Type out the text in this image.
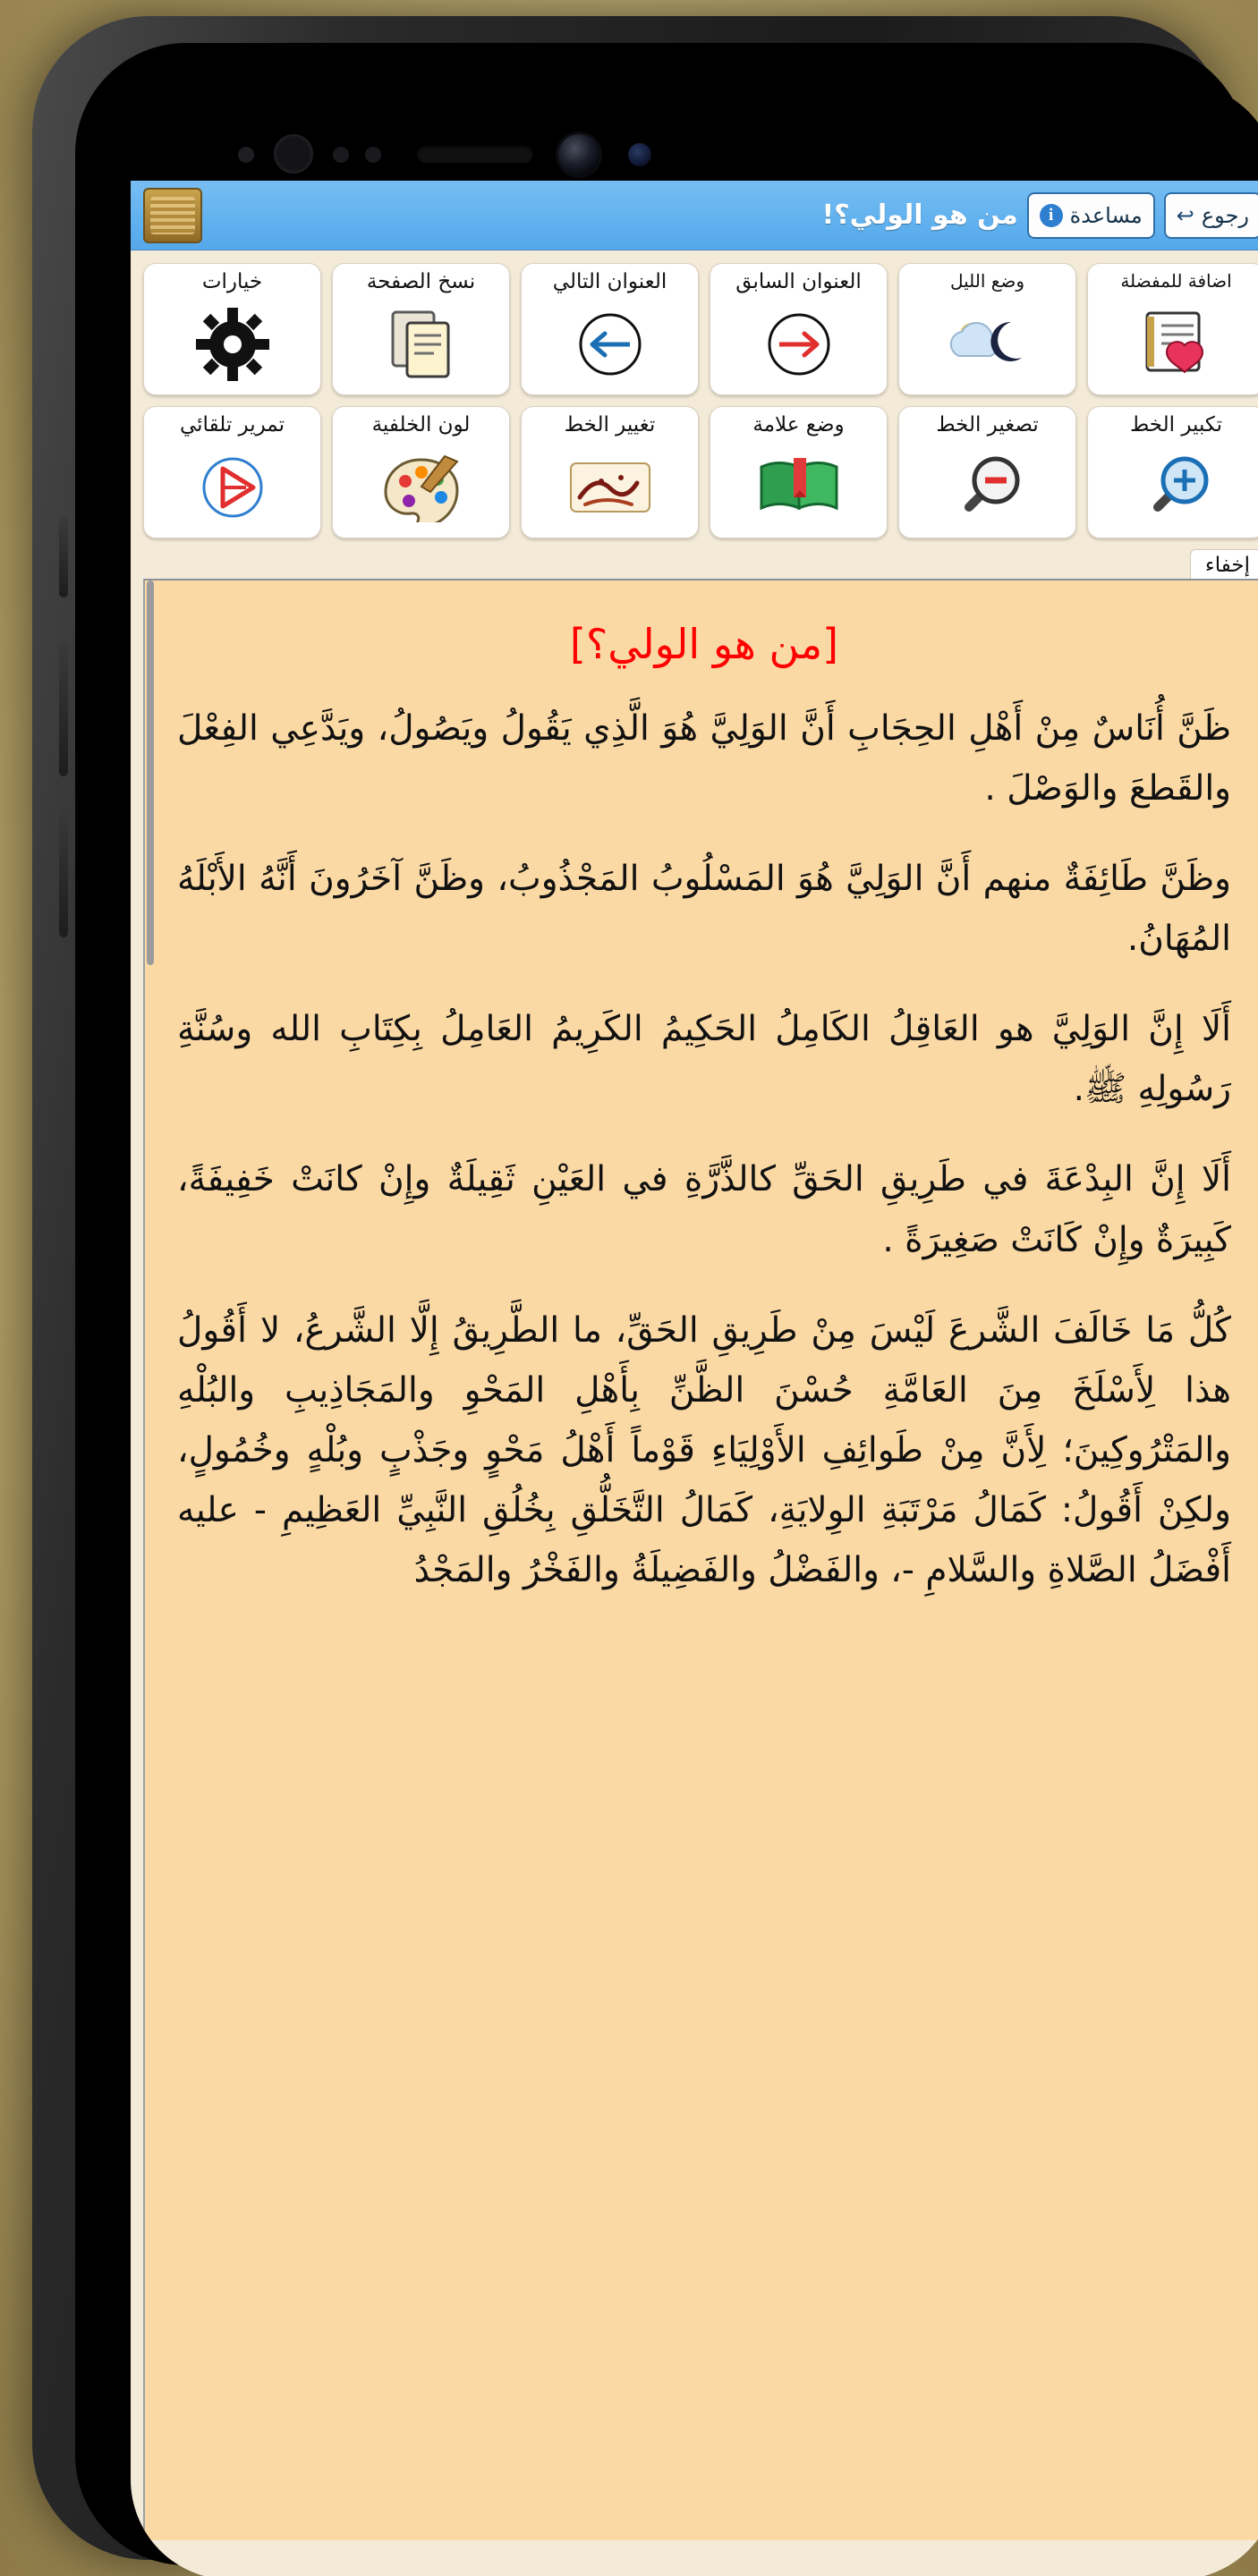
من هو الولي؟! مساعدة
i	رجوع
↩
اضافة للمفضلة
وضع الليل
العنوان السابق
العنوان التالي
نسخ الصفحة
خيارات
تكبير الخط
تصغير الخط
وضع علامة
تغيير الخط
لون الخلفية
تمرير تلقائي
إخفاء
[من هو الولي؟]

ظَنَّ أُنَاسٌ مِنْ أَهْلِ الحِجَابِ أَنَّ الوَلِيَّ هُوَ الَّذِي يَقُولُ ويَصُولُ، ويَدَّعِي الفِعْلَ والقَطعَ والوَصْلَ .

وظَنَّ طَائِفَةٌ منهم أَنَّ الوَلِيَّ هُوَ المَسْلُوبُ المَجْذُوبُ، وظَنَّ آخَرُونَ أَنَّهُ الأَبْلَهُ المُهَانُ.

أَلَا إِنَّ الوَلِيَّ هو العَاقِلُ الكَامِلُ الحَكِيمُ الكَرِيمُ العَامِلُ بِكِتَابِ الله وسُنَّةِ رَسُولِهِ ﷺ.

أَلَا إِنَّ البِدْعَةَ في طَرِيقِ الحَقِّ كالذَّرَّةِ في العَيْنِ ثَقِيلَةٌ وإِنْ كانَتْ خَفِيفَةً، كَبِيرَةٌ وإِنْ كَانَتْ صَغِيرَةً .

كُلُّ مَا خَالَفَ الشَّرعَ لَيْسَ مِنْ طَرِيقِ الحَقِّ، ما الطَّرِيقُ إِلَّا الشَّرعُ، لا أَقُولُ هذا لِأَسْلَخَ مِنَ العَامَّةِ حُسْنَ الظَّنِّ بِأَهْلِ المَحْوِ والمَجَاذِيبِ والبُلْهِ والمَتْرُوكِينَ؛ لِأَنَّ مِنْ طَوائِفِ الأَوْلِيَاءِ قَوْماً أَهْلُ مَحْوٍ وجَذْبٍ وبُلْهٍ وخُمُولٍ، ولكِنْ أَقُولُ: كَمَالُ مَرْتَبَةِ الوِلايَةِ، كَمَالُ التَّخَلُّقِ بِخُلُقِ النَّبِيِّ العَظِيمِ - عليه أَفْضَلُ الصَّلاةِ والسَّلامِ -، والفَضْلُ والفَضِيلَةُ والفَخْرُ والمَجْدُ
